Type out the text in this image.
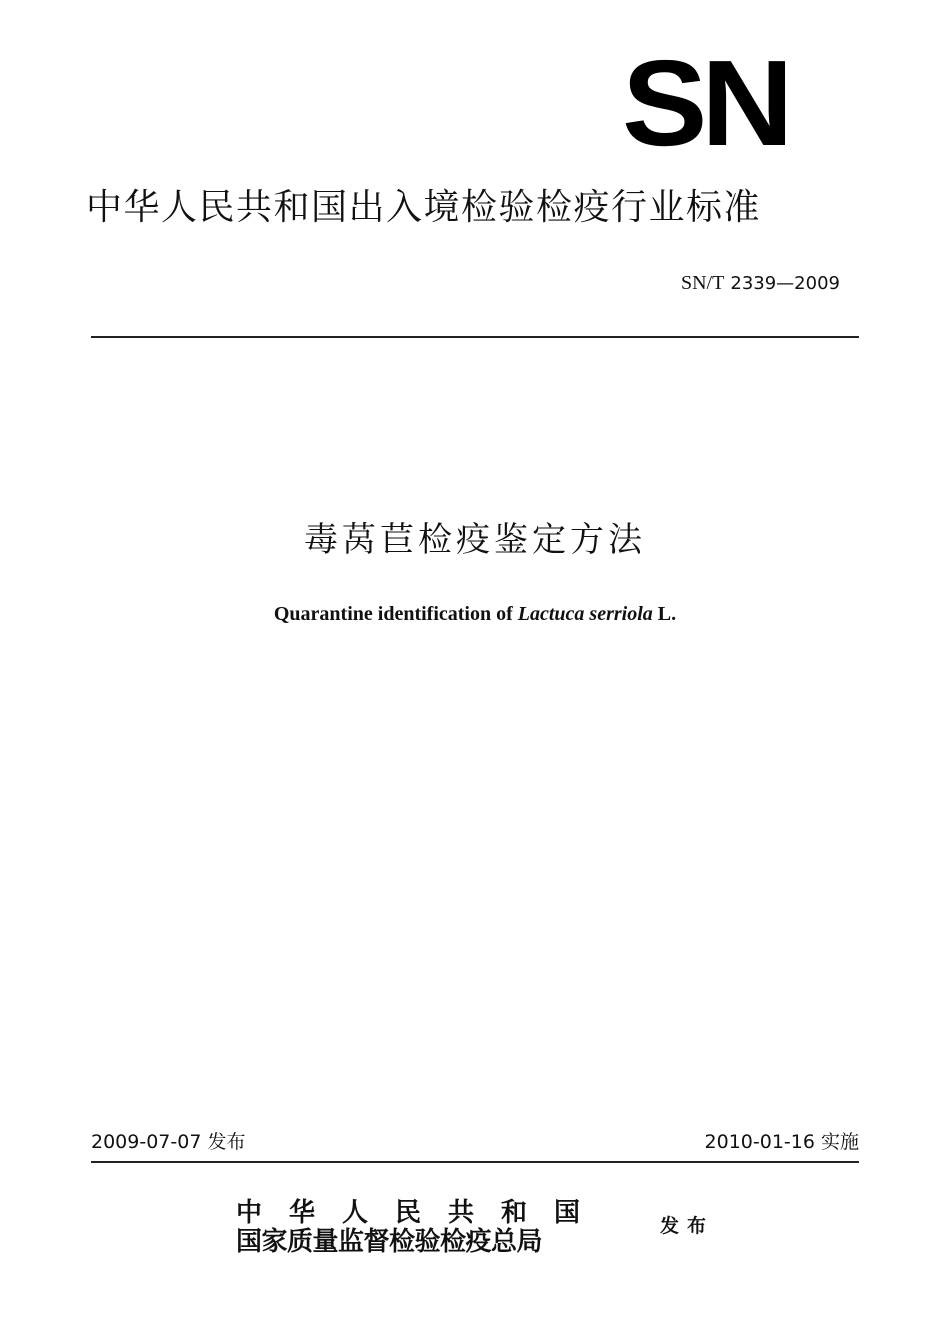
SN
中华人民共和国出入境检验检疫行业标准
SN/T 2339—2009
毒莴苣检疫鉴定方法
Quarantine identification of Lactuca serriola L.
2009-07-07 发布	2010-01-16 实施
中华人民共和国
国家质量监督检验检疫总局
发布
